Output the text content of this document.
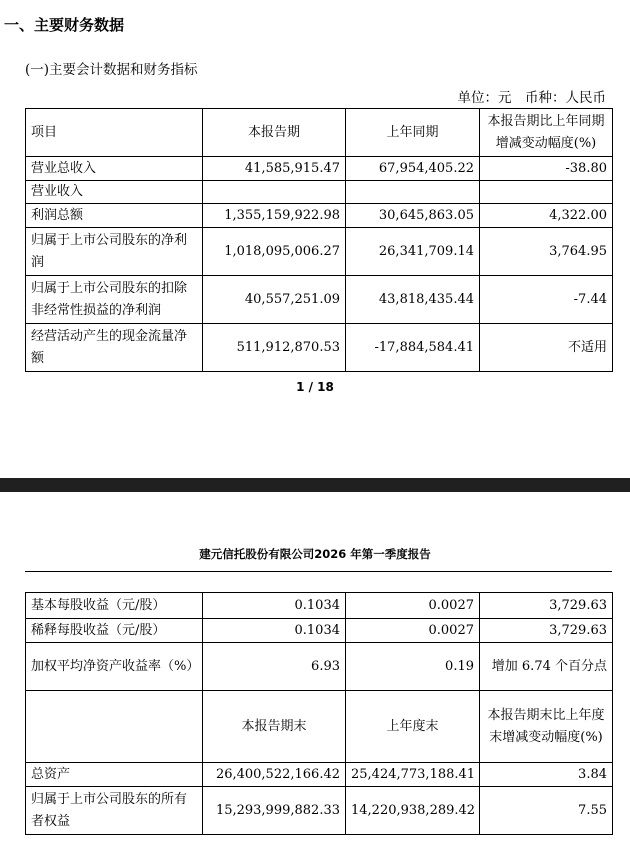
一、主要财务数据
(一)主要会计数据和财务指标
单位：元　币种：人民币
项目	本报告期	上年同期	本报告期比上年同期增减变动幅度(%)
营业总收入	41,585,915.47	67,954,405.22	-38.80
营业收入			
利润总额	1,355,159,922.98	30,645,863.05	4,322.00
归属于上市公司股东的净利润	1,018,095,006.27	26,341,709.14	3,764.95
归属于上市公司股东的扣除非经常性损益的净利润	40,557,251.09	43,818,435.44	-7.44
经营活动产生的现金流量净额	511,912,870.53	-17,884,584.41	不适用
1 / 18
建元信托股份有限公司2026 年第一季度报告
基本每股收益（元/股）	0.1034	0.0027	3,729.63
稀释每股收益（元/股）	0.1034	0.0027	3,729.63
加权平均净资产收益率（%）	6.93	0.19	增加 6.74 个百分点
	本报告期末	上年度末	本报告期末比上年度末增减变动幅度(%)
总资产	26,400,522,166.42	25,424,773,188.41	3.84
归属于上市公司股东的所有者权益	15,293,999,882.33	14,220,938,289.42	7.55
